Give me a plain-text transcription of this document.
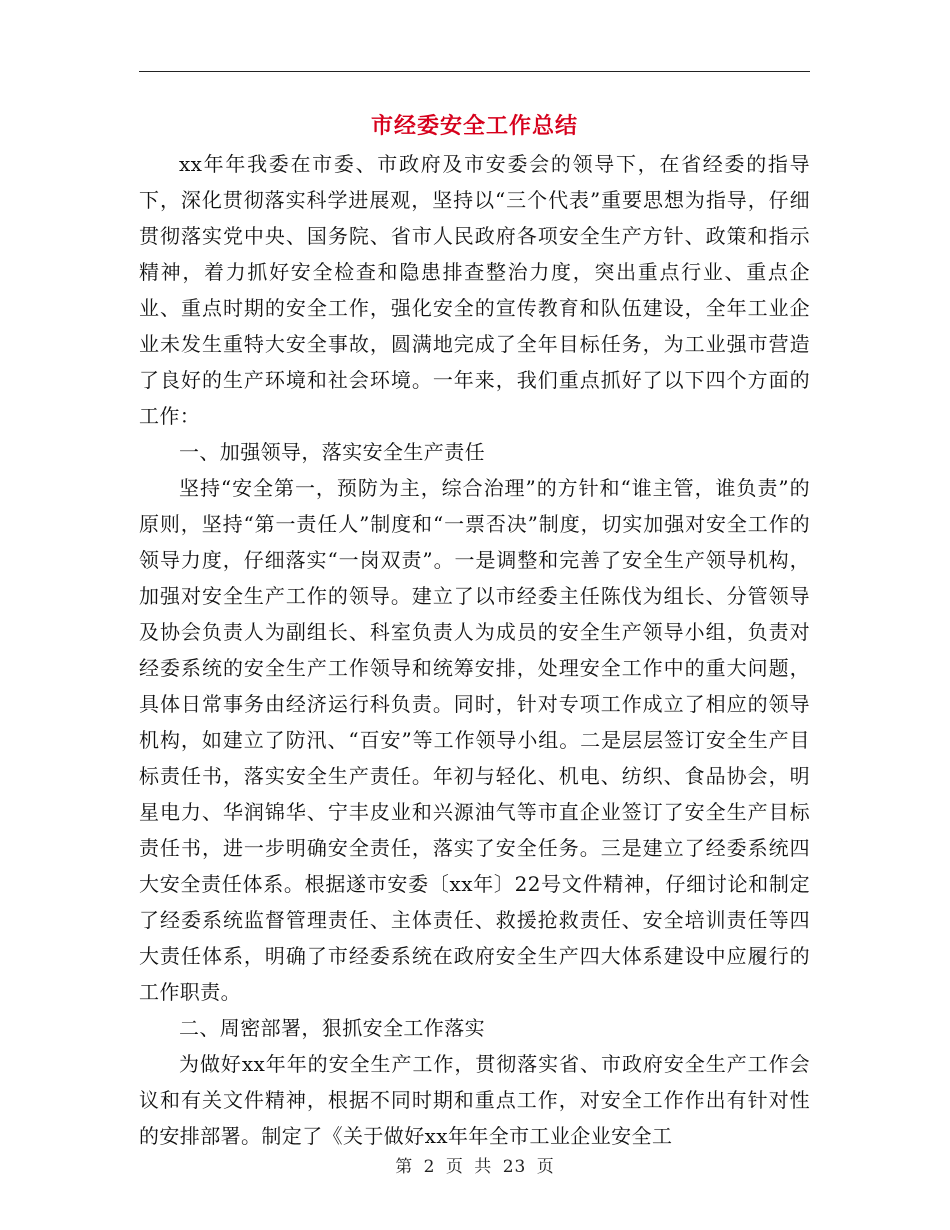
市经委安全工作总结

xx年年我委在市委、市政府及市安委会的领导下，在省经委的指导下，深化贯彻落实科学进展观，坚持以“三个代表”重要思想为指导，仔细贯彻落实党中央、国务院、省市人民政府各项安全生产方针、政策和指示精神，着力抓好安全检查和隐患排查整治力度，突出重点行业、重点企业、重点时期的安全工作，强化安全的宣传教育和队伍建设，全年工业企业未发生重特大安全事故，圆满地完成了全年目标任务，为工业强市营造了良好的生产环境和社会环境。一年来，我们重点抓好了以下四个方面的工作：

一、加强领导，落实安全生产责任

坚持“安全第一，预防为主，综合治理”的方针和“谁主管，谁负责”的原则，坚持“第一责任人”制度和“一票否决”制度，切实加强对安全工作的领导力度，仔细落实“一岗双责”。一是调整和完善了安全生产领导机构，加强对安全生产工作的领导。建立了以市经委主任陈伐为组长、分管领导及协会负责人为副组长、科室负责人为成员的安全生产领导小组，负责对经委系统的安全生产工作领导和统筹安排，处理安全工作中的重大问题，具体日常事务由经济运行科负责。同时，针对专项工作成立了相应的领导机构，如建立了防汛、“百安”等工作领导小组。二是层层签订安全生产目标责任书，落实安全生产责任。年初与轻化、机电、纺织、食品协会，明星电力、华润锦华、宁丰皮业和兴源油气等市直企业签订了安全生产目标责任书，进一步明确安全责任，落实了安全任务。三是建立了经委系统四大安全责任体系。根据遂市安委〔xx年〕22号文件精神，仔细讨论和制定了经委系统监督管理责任、主体责任、救援抢救责任、安全培训责任等四大责任体系，明确了市经委系统在政府安全生产四大体系建设中应履行的工作职责。

二、周密部署，狠抓安全工作落实

为做好xx年年的安全生产工作，贯彻落实省、市政府安全生产工作会议和有关文件精神，根据不同时期和重点工作，对安全工作作出有针对性的安排部署。制定了《关于做好xx年年全市工业企业安全工

第 2 页 共 23 页
